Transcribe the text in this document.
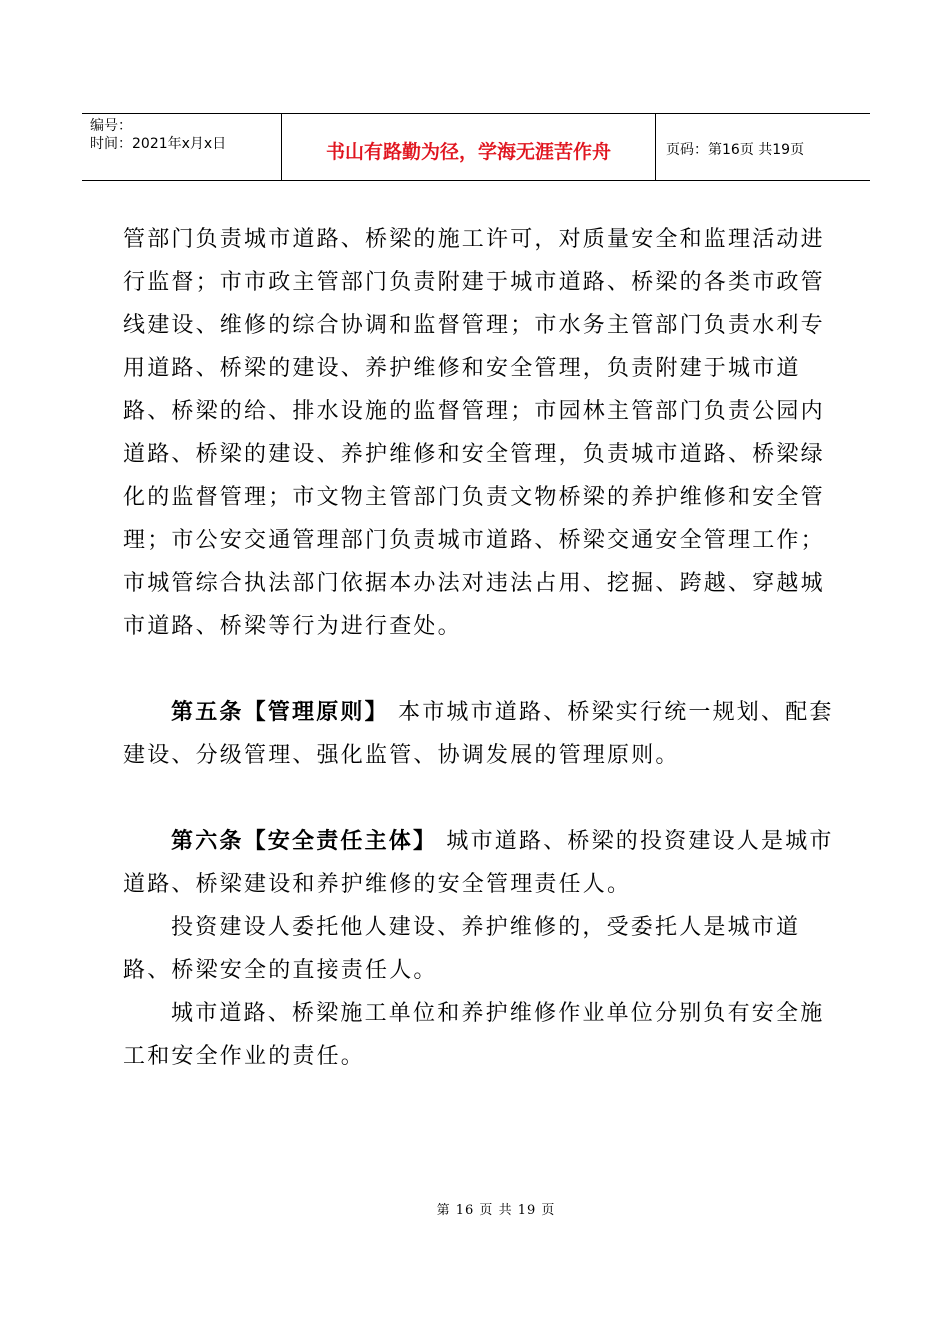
编号：
时间：2021年x月x日	书山有路勤为径，学海无涯苦作舟	页码：第16页 共19页

管部门负责城市道路、桥梁的施工许可，对质量安全和监理活动进行监督；市市政主管部门负责附建于城市道路、桥梁的各类市政管线建设、维修的综合协调和监督管理；市水务主管部门负责水利专用道路、桥梁的建设、养护维修和安全管理，负责附建于城市道路、桥梁的给、排水设施的监督管理；市园林主管部门负责公园内道路、桥梁的建设、养护维修和安全管理，负责城市道路、桥梁绿化的监督管理；市文物主管部门负责文物桥梁的养护维修和安全管理；市公安交通管理部门负责城市道路、桥梁交通安全管理工作；市城管综合执法部门依据本办法对违法占用、挖掘、跨越、穿越城市道路、桥梁等行为进行查处。

第五条【管理原则】 本市城市道路、桥梁实行统一规划、配套建设、分级管理、强化监管、协调发展的管理原则。

第六条【安全责任主体】 城市道路、桥梁的投资建设人是城市道路、桥梁建设和养护维修的安全管理责任人。

投资建设人委托他人建设、养护维修的，受委托人是城市道路、桥梁安全的直接责任人。

城市道路、桥梁施工单位和养护维修作业单位分别负有安全施工和安全作业的责任。

第 16 页 共 19 页
